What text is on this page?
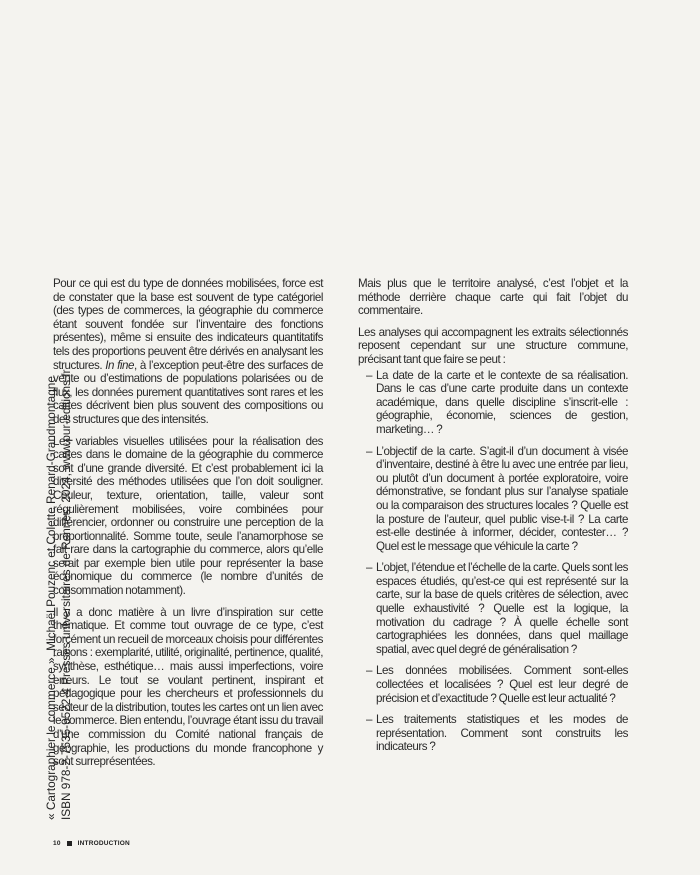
« Cartographier le commerce », Michaël Pouzenc et Colette Renard-Grandmontagne ISBN 978-2-7535-9522-4 Presses universitaires de Rennes, 2024, www.pur-editions.fr

Pour ce qui est du type de données mobilisées, force est de constater que la base est souvent de type catégoriel (des types de commerces, la géographie du commerce étant souvent fondée sur l’inventaire des fonctions présentes), même si ensuite des indicateurs quantitatifs tels des proportions peuvent être dérivés en analysant les structures. In fine, à l’exception peut-être des surfaces de vente ou d’estimations de populations polarisées ou de flux, les données purement quantitatives sont rares et les cartes décrivent bien plus souvent des compositions ou des structures que des intensités.

Les variables visuelles utilisées pour la réalisation des cartes dans le domaine de la géographie du commerce sont d’une grande diversité. Et c’est probablement ici la diversité des méthodes utilisées que l’on doit souligner. Couleur, texture, orientation, taille, valeur sont régulièrement mobilisées, voire combinées pour différencier, ordonner ou construire une perception de la proportionnalité. Somme toute, seule l’anamorphose se fait rare dans la cartographie du commerce, alors qu’elle serait par exemple bien utile pour représenter la base économique du commerce (le nombre d’unités de consommation notamment).

Il y a donc matière à un livre d’inspiration sur cette thématique. Et comme tout ouvrage de ce type, c’est forcément un recueil de morceaux choisis pour différentes raisons : exemplarité, utilité, originalité, pertinence, qualité, synthèse, esthétique… mais aussi imperfections, voire erreurs. Le tout se voulant pertinent, inspirant et pédagogique pour les chercheurs et professionnels du secteur de la distribution, toutes les cartes ont un lien avec le commerce. Bien entendu, l’ouvrage étant issu du travail d’une commission du Comité national français de géographie, les productions du monde francophone y sont surreprésentées.

Mais plus que le territoire analysé, c’est l’objet et la méthode derrière chaque carte qui fait l’objet du commentaire.

Les analyses qui accompagnent les extraits sélectionnés reposent cependant sur une structure commune, précisant tant que faire se peut :

– La date de la carte et le contexte de sa réalisation. Dans le cas d’une carte produite dans un contexte académique, dans quelle discipline s’inscrit-elle : géographie, économie, sciences de gestion, marketing… ?
– L’objectif de la carte. S’agit-il d’un document à visée d’inventaire, destiné à être lu avec une entrée par lieu, ou plutôt d’un document à portée exploratoire, voire démonstrative, se fondant plus sur l’analyse spatiale ou la comparaison des structures locales ? Quelle est la posture de l’auteur, quel public vise-t-il ? La carte est-elle destinée à informer, décider, contester… ? Quel est le message que véhicule la carte ?
– L’objet, l’étendue et l’échelle de la carte. Quels sont les espaces étudiés, qu’est-ce qui est représenté sur la carte, sur la base de quels critères de sélection, avec quelle exhaustivité ? Quelle est la logique, la motivation du cadrage ? À quelle échelle sont cartographiées les données, dans quel maillage spatial, avec quel degré de généralisation ?
– Les données mobilisées. Comment sont-elles collectées et localisées ? Quel est leur degré de précision et d’exactitude ? Quelle est leur actualité ?
– Les traitements statistiques et les modes de représentation. Comment sont construits les indicateurs ?
10	INTRODUCTION
